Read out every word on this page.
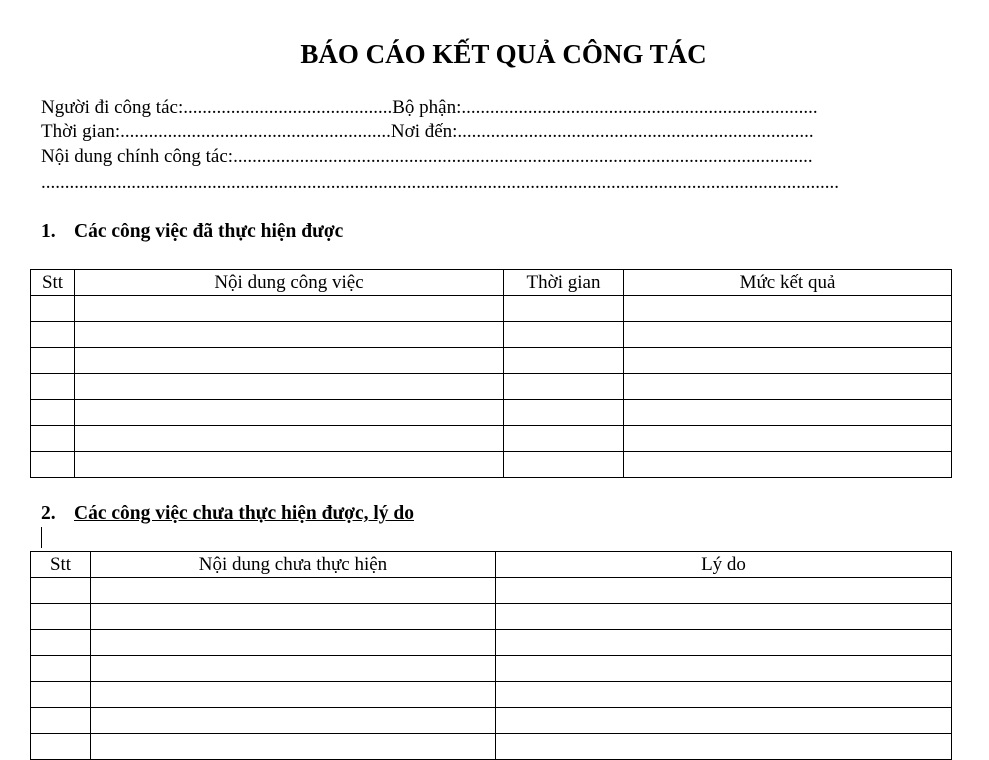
BÁO CÁO KẾT QUẢ CÔNG TÁC
Người đi công tác:............................................Bộ phận:...........................................................................
Thời gian:.........................................................Nơi đến:...........................................................................
Nội dung chính công tác:..........................................................................................................................
........................................................................................................................................................................
1. Các công việc đã thực hiện được
Stt	Nội dung công việc	Thời gian	Mức kết quả

2. Các công việc chưa thực hiện được, lý do
Stt	Nội dung chưa thực hiện	Lý do
